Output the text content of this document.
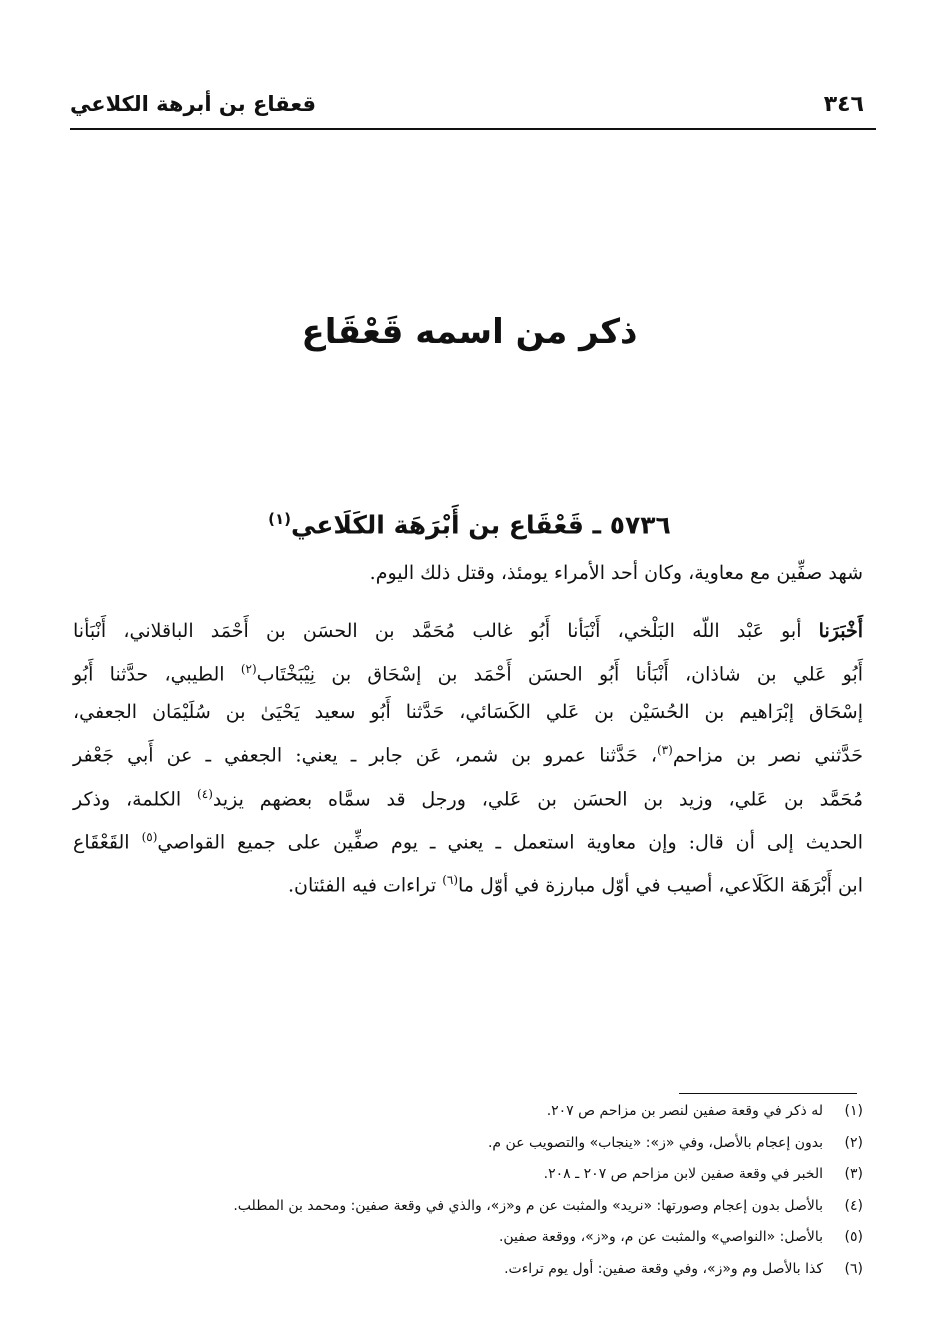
٣٤٦
قعقاع بن أبرهة الكلاعي
ذكر من اسمه قَعْقَاع
٥٧٣٦ ـ قَعْقَاع بن أَبْرَهَة الكَلَاعي$^{(١)}$
شهد صفِّين مع معاوية، وكان أحد الأمراء يومئذ، وقتل ذلك اليوم.
أَخْبَرَنا أبو عَبْد اللّه البَلْخي، أَنْبَأنا أَبُو غالب مُحَمَّد بن الحسَن بن أَحْمَد الباقلاني، أَنْبَأنا
أَبُو عَلي بن شاذان، أَنْبَأنا أَبُو الحسَن أَحْمَد بن إسْحَاق بن نِيْبَخْتَاب$^{(٢)}$ الطيبي، حدَّثنا أَبُو
إسْحَاق إبْرَاهيم بن الحُسَيْن بن عَلي الكَسَائي، حَدَّثنا أَبُو سعيد يَحْيَىٰ بن سُلَيْمَان الجعفي،
حَدَّثني نصر بن مزاحم$^{(٣)}$، حَدَّثنا عمرو بن شمر، عَن جابر ـ يعني: الجعفي ـ عن أَبي جَعْفر
مُحَمَّد بن عَلي، وزيد بن الحسَن بن عَلي، ورجل قد سمَّاه بعضهم يزيد$^{(٤)}$ الكلمة، وذكر
الحديث إلى أن قال: وإن معاوية استعمل ـ يعني ـ يوم صفِّين على جميع القواصي$^{(٥)}$ القَعْقَاع
ابن أَبْرَهَة الكَلَاعي، أصيب في أوّل مبارزة في أوّل ما$^{(٦)}$ تراءات فيه الفئتان.
(١)
له ذكر في وقعة صفين لنصر بن مزاحم ص ٢٠٧.
(٢)
بدون إعجام بالأصل، وفي «ز»: «ينجاب» والتصويب عن م.
(٣)
الخبر في وقعة صفين لابن مزاحم ص ٢٠٧ ـ ٢٠٨.
(٤)
بالأصل بدون إعجام وصورتها: «نريد» والمثبت عن م و«ز»، والذي في وقعة صفين: ومحمد بن المطلب.
(٥)
بالأصل: «النواصي» والمثبت عن م، و«ز»، ووقعة صفين.
(٦)
كذا بالأصل وم و«ز»، وفي وقعة صفين: أول يوم تراءت.
